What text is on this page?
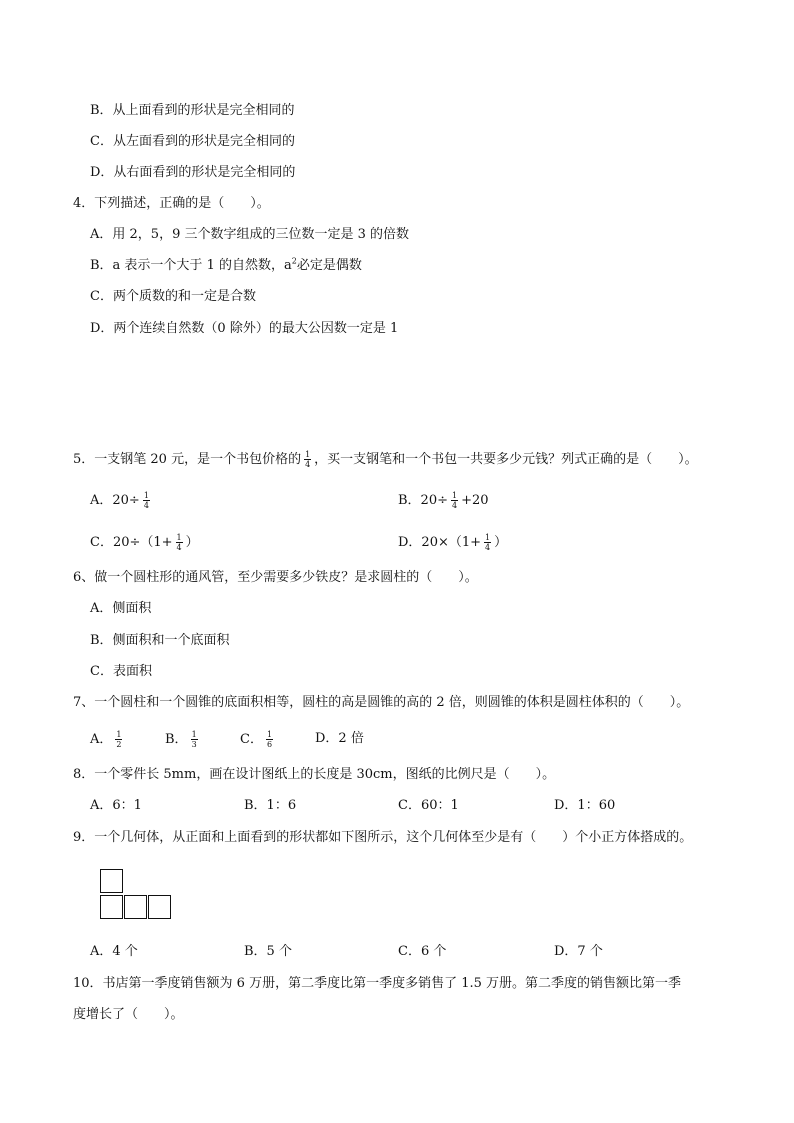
B．从上面看到的形状是完全相同的
C．从左面看到的形状是完全相同的
D．从右面看到的形状是完全相同的
4．下列描述，正确的是（　　）。
A．用 2，5，9 三个数字组成的三位数一定是 3 的倍数
B．a 表示一个大于 1 的自然数，$a^2$必定是偶数
C．两个质数的和一定是合数
D．两个连续自然数（0 除外）的最大公因数一定是 1
5．一支钢笔 20 元，是一个书包价格的 $\frac{1}{4}$ ，买一支钢笔和一个书包一共要多少元钱？列式正确的是（　　）。
A．$20\div \frac{1}{4}$	B．$20\div \frac{1}{4} +20$
C．$20\div(1+ \frac{1}{4}$ ）	D．$20\times(1+ \frac{1}{4}$ ）
6、做一个圆柱形的通风管，至少需要多少铁皮？是求圆柱的（　　）。
A．侧面积
B．侧面积和一个底面积
C．表面积
7、一个圆柱和一个圆锥的底面积相等，圆柱的高是圆锥的高的 2 倍，则圆锥的体积是圆柱体积的（　　）。
A． $\frac{1}{2}$	B． $\frac{1}{3}$	C． $\frac{1}{6}$	D．2 倍
8．一个零件长 5mm，画在设计图纸上的长度是 30cm，图纸的比例尺是（　　）。
A．6：1	B．1：6	C．60：1	D．1：60
9．一个几何体，从正面和上面看到的形状都如下图所示，这个几何体至少是有（　　）个小正方体搭成的。
A．4 个	B．5 个	C．6 个	D．7 个
10．书店第一季度销售额为 6 万册，第二季度比第一季度多销售了 1.5 万册。第二季度的销售额比第一季
度增长了（　　）。
